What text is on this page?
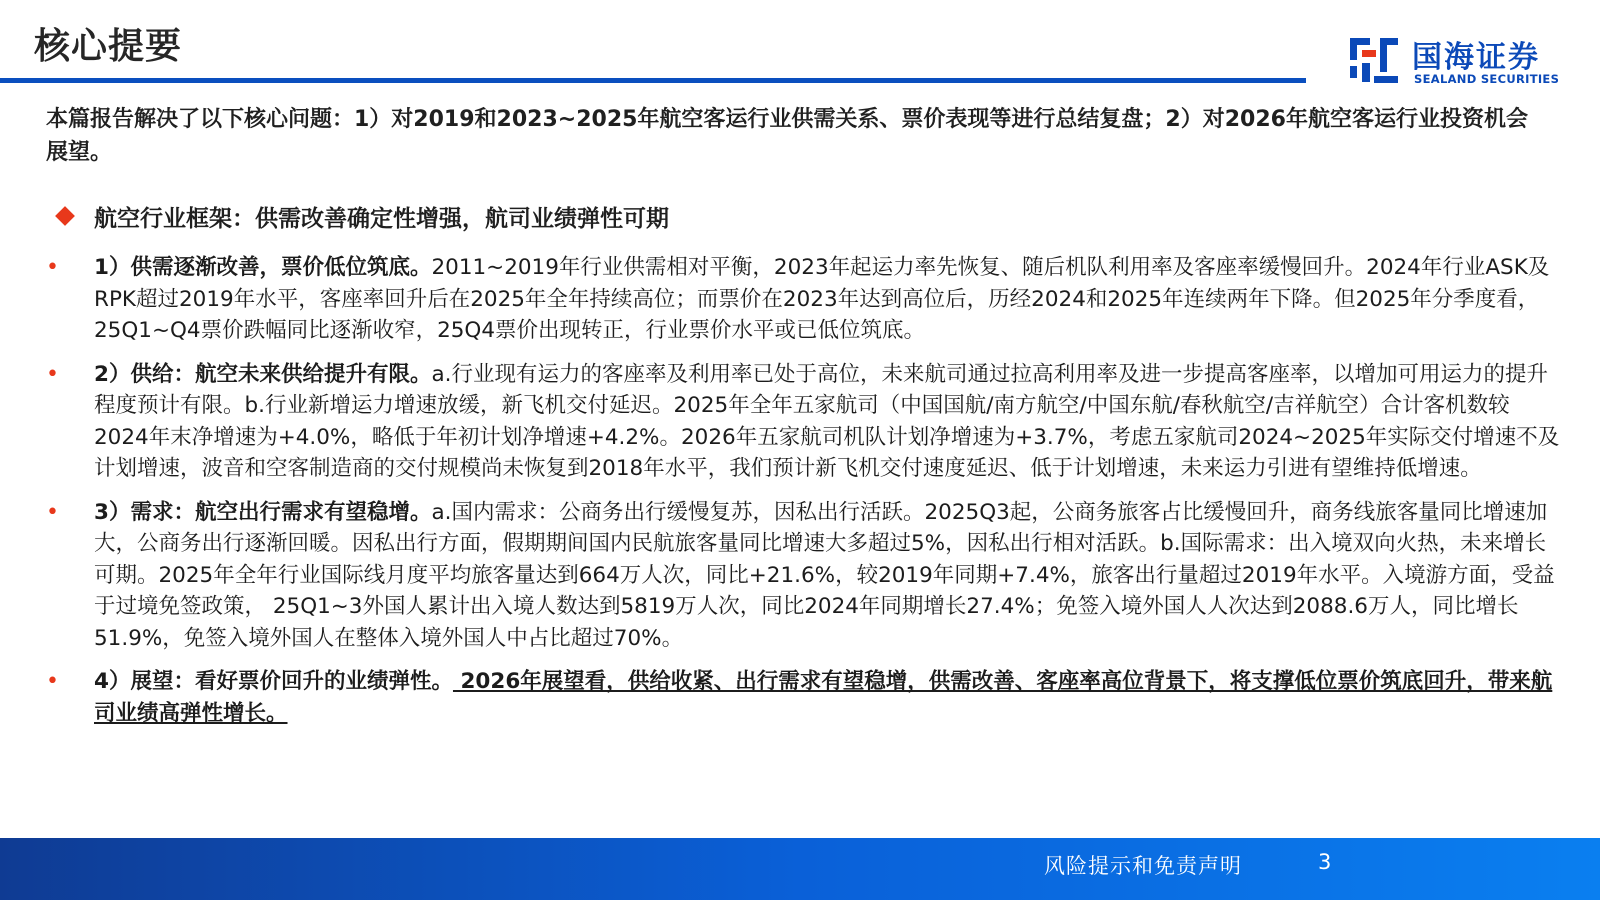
核心提要	国海证券
SEALAND SECURITIES
本篇报告解决了以下核心问题：1）对2019和2023~2025年航空客运行业供需关系、票价表现等进行总结复盘；2）对2026年航空客运行业投资机会展望。
航空行业框架：供需改善确定性增强，航司业绩弹性可期
•	1）供需逐渐改善，票价低位筑底。2011~2019年行业供需相对平衡，2023年起运力率先恢复、随后机队利用率及客座率缓慢回升。2024年行业ASK及RPK超过2019年水平，客座率回升后在2025年全年持续高位；而票价在2023年达到高位后，历经2024和2025年连续两年下降。但2025年分季度看，25Q1~Q4票价跌幅同比逐渐收窄，25Q4票价出现转正，行业票价水平或已低位筑底。
•	2）供给：航空未来供给提升有限。a.行业现有运力的客座率及利用率已处于高位，未来航司通过拉高利用率及进一步提高客座率，以增加可用运力的提升程度预计有限。b.行业新增运力增速放缓，新飞机交付延迟。2025年全年五家航司（中国国航/南方航空/中国东航/春秋航空/吉祥航空）合计客机数较2024年末净增速为+4.0%，略低于年初计划净增速+4.2%。2026年五家航司机队计划净增速为+3.7%，考虑五家航司2024~2025年实际交付增速不及计划增速，波音和空客制造商的交付规模尚未恢复到2018年水平，我们预计新飞机交付速度延迟、低于计划增速，未来运力引进有望维持低增速。
•	3）需求：航空出行需求有望稳增。a.国内需求：公商务出行缓慢复苏，因私出行活跃。2025Q3起，公商务旅客占比缓慢回升，商务线旅客量同比增速加大，公商务出行逐渐回暖。因私出行方面，假期期间国内民航旅客量同比增速大多超过5%，因私出行相对活跃。b.国际需求：出入境双向火热，未来增长可期。2025年全年行业国际线月度平均旅客量达到664万人次，同比+21.6%，较2019年同期+7.4%，旅客出行量超过2019年水平。入境游方面，受益于过境免签政策， 25Q1~3外国人累计出入境人数达到5819万人次，同比2024年同期增长27.4%；免签入境外国人人次达到2088.6万人，同比增长51.9%，免签入境外国人在整体入境外国人中占比超过70%。
•	4）展望：看好票价回升的业绩弹性。 2026年展望看，供给收紧、出行需求有望稳增，供需改善、客座率高位背景下，将支撑低位票价筑底回升，带来航司业绩高弹性增长。
风险提示和免责声明	3
